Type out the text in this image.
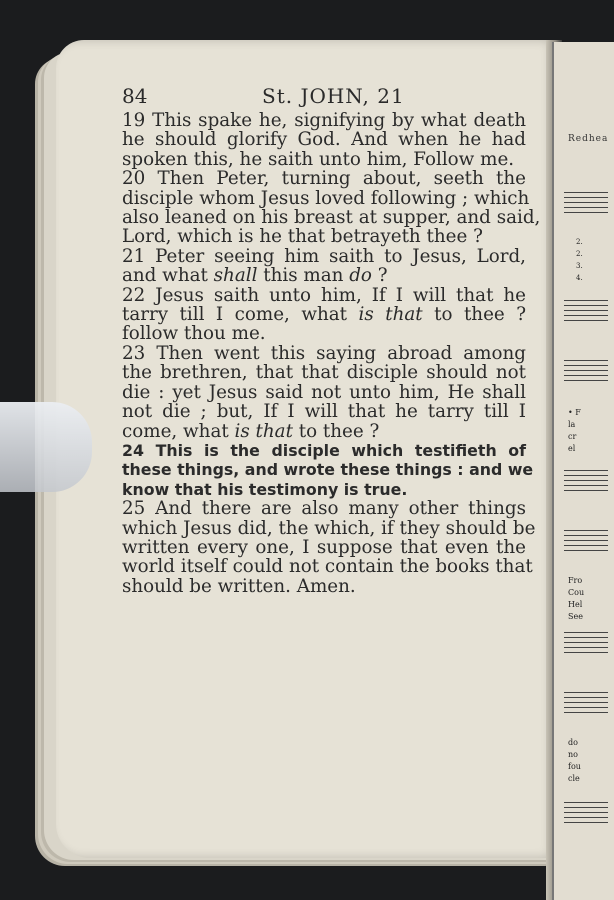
84	St. JOHN, 21
19 This spake he, signifying by what death
he should glorify God. And when he had
spoken this, he saith unto him, Follow me.
20 Then Peter, turning about, seeth the
disciple whom Jesus loved following ; which
also leaned on his breast at supper, and said,
Lord, which is he that betrayeth thee ?
21 Peter seeing him saith to Jesus, Lord,
and what shall this man do ?
22 Jesus saith unto him, If I will that he
tarry till I come, what is that to thee ?
follow thou me.
23 Then went this saying abroad among
the brethren, that that disciple should not
die : yet Jesus said not unto him, He shall
not die ; but, If I will that he tarry till I
come, what is that to thee ?
24 This is the disciple which testifieth of
these things, and wrote these things : and we
know that his testimony is true.
25 And there are also many other things
which Jesus did, the which, if they should be
written every one, I suppose that even the
world itself could not contain the books that
should be written. Amen.
Redhea
2.
2.
3.
4.
• F
la
cr
el
Fro
Cou
Hel
See
do
no
fou
cle
